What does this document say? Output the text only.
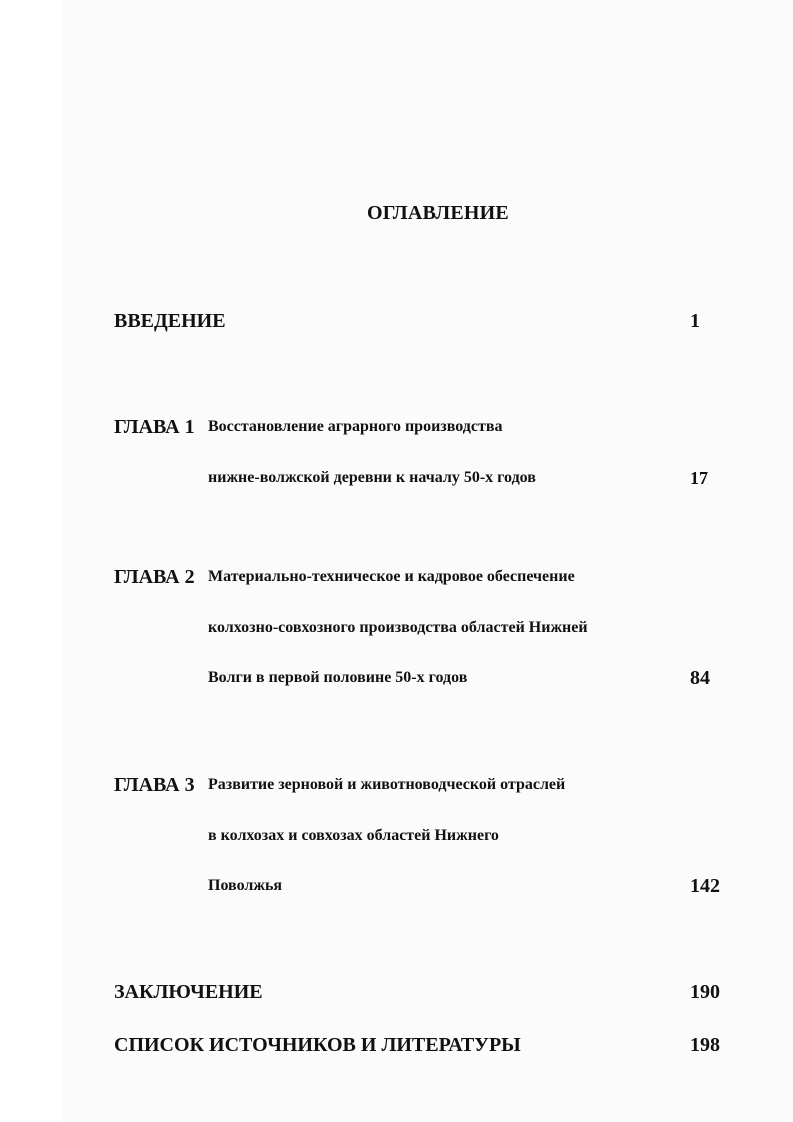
ОГЛАВЛЕНИЕ
ВВЕДЕНИЕ	1
ГЛАВА 1 Восстановление аграрного производства
нижне-волжской деревни к началу 50-х годов	17
ГЛАВА 2 Материально-техническое и кадровое обеспечение
колхозно-совхозного производства областей Нижней
Волги в первой половине 50-х годов	84
ГЛАВА 3 Развитие зерновой и животноводческой отраслей
в колхозах и совхозах областей Нижнего
Поволжья	142
ЗАКЛЮЧЕНИЕ	190
СПИСОК ИСТОЧНИКОВ И ЛИТЕРАТУРЫ	198
